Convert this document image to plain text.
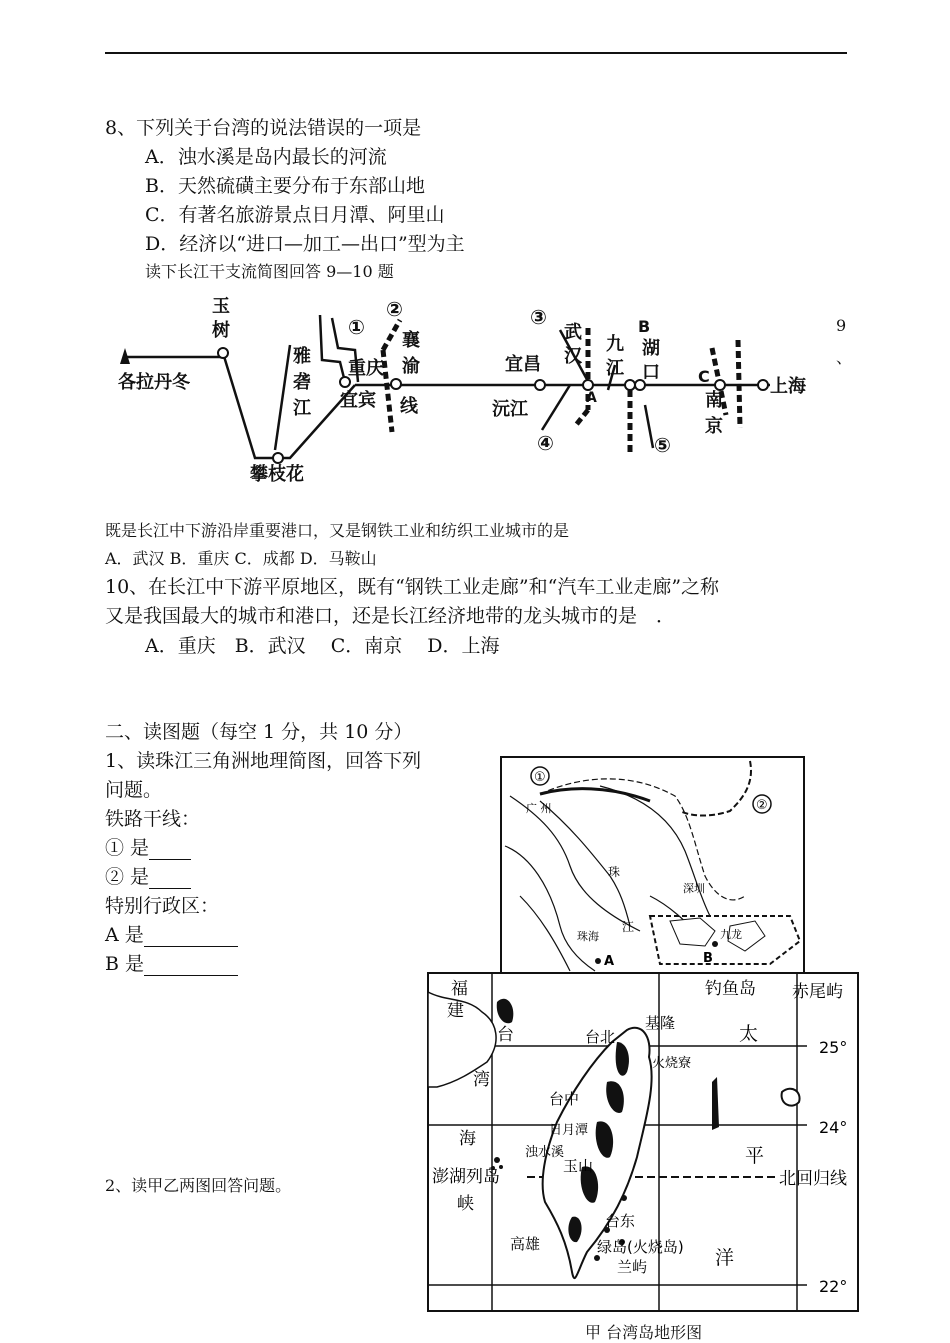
8、下列关于台湾的说法错误的一项是
A．浊水溪是岛内最长的河流
B．天然硫磺主要分布于东部山地
C．有著名旅游景点日月潭、阿里山
D．经济以“进口—加工—出口”型为主
读下长江干支流简图回答 9—10 题
玉
树
各拉丹冬
雅
砻
江
攀枝花
重庆
宜宾
襄
渝
线
宜昌
沅江
武
汉
九
江
B
湖
口
A
C
南
京
上海
①
②	③
④	⑤
9
、
既是长江中下游沿岸重要港口，又是钢铁工业和纺织工业城市的是
A．武汉 B．重庆 C．成都 D．马鞍山
10、在长江中下游平原地区，既有“钢铁工业走廊”和“汽车工业走廊”之称
又是我国最大的城市和港口，还是长江经济地带的龙头城市的是　．
A．重庆　B．武汉　 C．南京　 D．上海
二、读图题（每空 1 分，共 10 分）
1、读珠江三角洲地理简图，回答下列
问题。
铁路干线：
① 是
② 是
特别行政区：
A 是
B 是
2、读甲乙两图回答问题。
①
广 州	②
珠
江
深圳
珠海
A	B
九龙
福
建
台
湾
海
峡
台北
基隆
火烧寮
台中
日月潭
浊水溪
玉山
澎湖列岛
台东
绿岛(火烧岛)
兰屿
高雄
钓鱼岛 赤尾屿
太
平
洋
北回归线
25°
24°
22°
甲 台湾岛地形图
